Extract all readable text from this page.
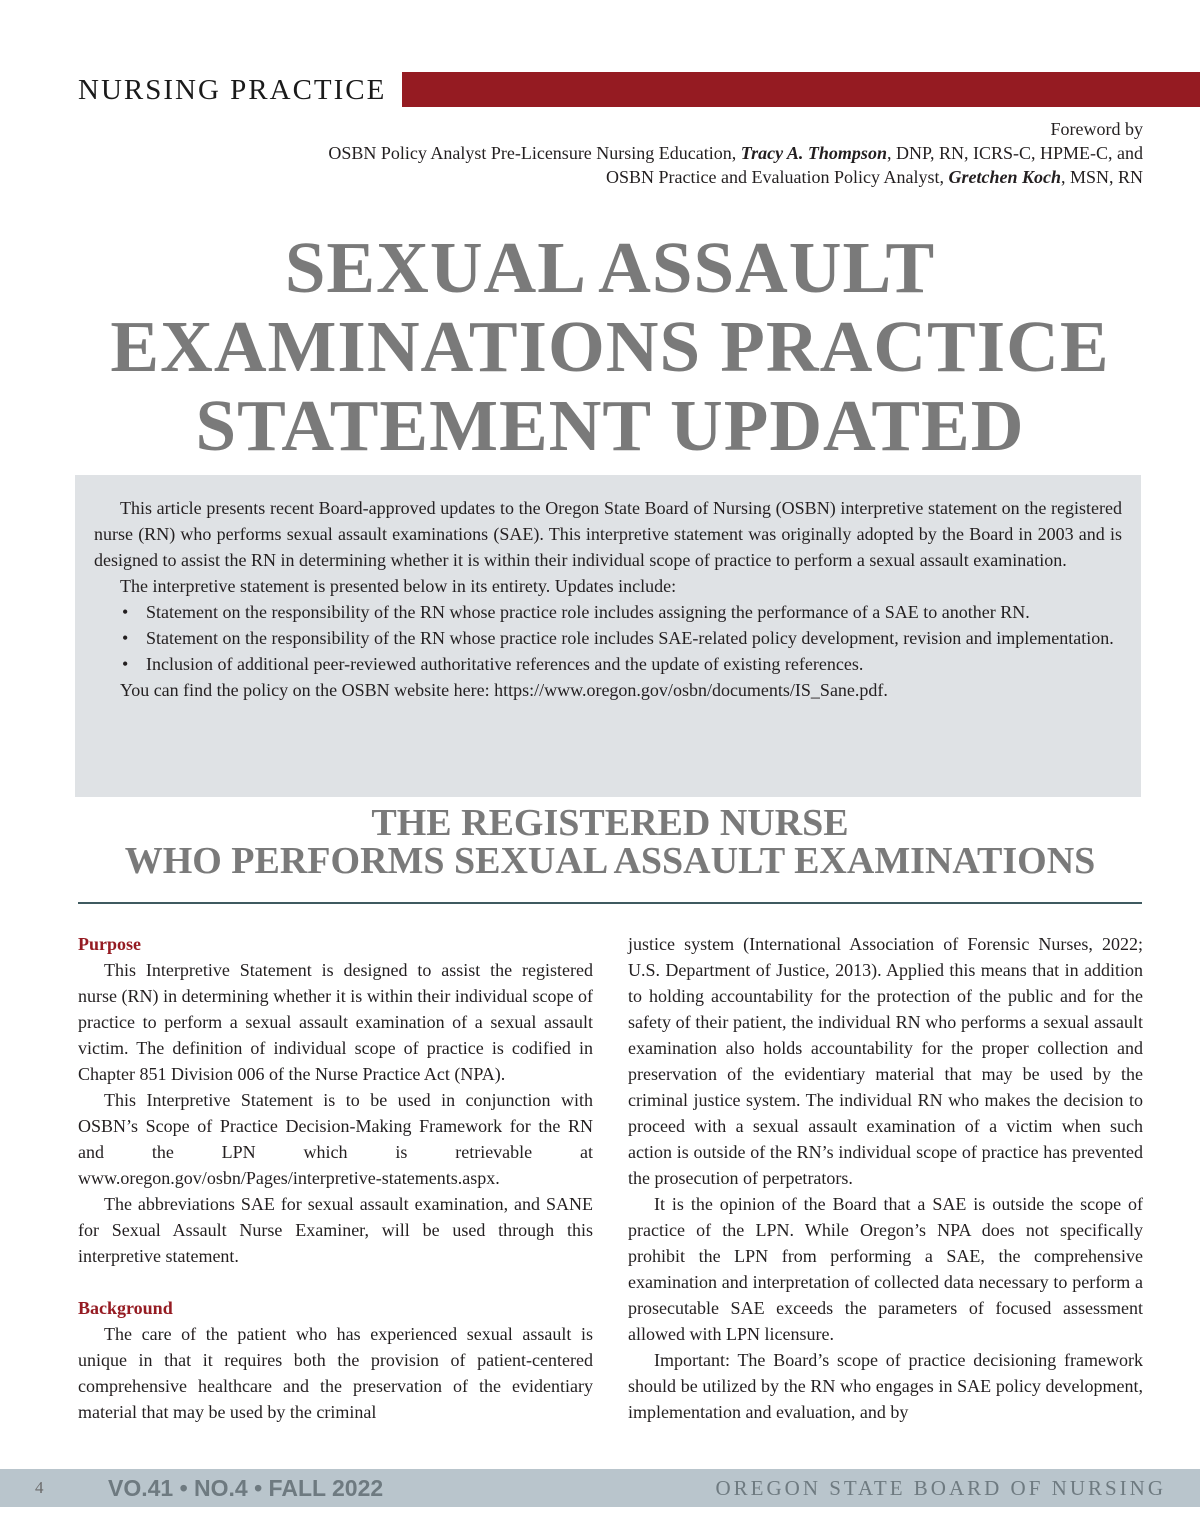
NURSING PRACTICE
Foreword by
OSBN Policy Analyst Pre-Licensure Nursing Education, Tracy A. Thompson, DNP, RN, ICRS-C, HPME-C, and
OSBN Practice and Evaluation Policy Analyst, Gretchen Koch, MSN, RN
SEXUAL ASSAULT
EXAMINATIONS PRACTICE
STATEMENT UPDATED

This article presents recent Board-approved updates to the Oregon State Board of Nursing (OSBN) interpretive statement on the registered nurse (RN) who performs sexual assault examinations (SAE). This interpretive statement was originally adopted by the Board in 2003 and is designed to assist the RN in determining whether it is within their individual scope of practice to perform a sexual assault examination.

The interpretive statement is presented below in its entirety. Updates include:

• Statement on the responsibility of the RN whose practice role includes assigning the performance of a SAE to another RN.
• Statement on the responsibility of the RN whose practice role includes SAE-related policy development, revision and implementation.
• Inclusion of additional peer-reviewed authoritative references and the update of existing references.

You can find the policy on the OSBN website here: https://www.oregon.gov/osbn/documents/IS_Sane.pdf.

THE REGISTERED NURSE
WHO PERFORMS SEXUAL ASSAULT EXAMINATIONS

Purpose

This Interpretive Statement is designed to assist the registered nurse (RN) in determining whether it is within their individual scope of practice to perform a sexual assault examination of a sexual assault victim. The definition of individual scope of practice is codified in Chapter 851 Division 006 of the Nurse Practice Act (NPA).

This Interpretive Statement is to be used in conjunction with OSBN’s Scope of Practice Decision-Making Framework for the RN and the LPN which is retrievable at www.oregon.gov/osbn/Pages/interpretive-statements.aspx.

The abbreviations SAE for sexual assault examination, and SANE for Sexual Assault Nurse Examiner, will be used through this interpretive statement.

Background

The care of the patient who has experienced sexual assault is unique in that it requires both the provision of patient-centered comprehensive healthcare and the preservation of the evidentiary material that may be used by the criminal

justice system (International Association of Forensic Nurses, 2022; U.S. Department of Justice, 2013). Applied this means that in addition to holding accountability for the protection of the public and for the safety of their patient, the individual RN who performs a sexual assault examination also holds accountability for the proper collection and preservation of the evidentiary material that may be used by the criminal justice system. The individual RN who makes the decision to proceed with a sexual assault examination of a victim when such action is outside of the RN’s individual scope of practice has prevented the prosecution of perpetrators.

It is the opinion of the Board that a SAE is outside the scope of practice of the LPN. While Oregon’s NPA does not specifically prohibit the LPN from performing a SAE, the comprehensive examination and interpretation of collected data necessary to perform a prosecutable SAE exceeds the parameters of focused assessment allowed with LPN licensure.

Important: The Board’s scope of practice decisioning framework should be utilized by the RN who engages in SAE policy development, implementation and evaluation, and by

4	VO.41 • NO.4 • FALL 2022	OREGON STATE BOARD OF NURSING
